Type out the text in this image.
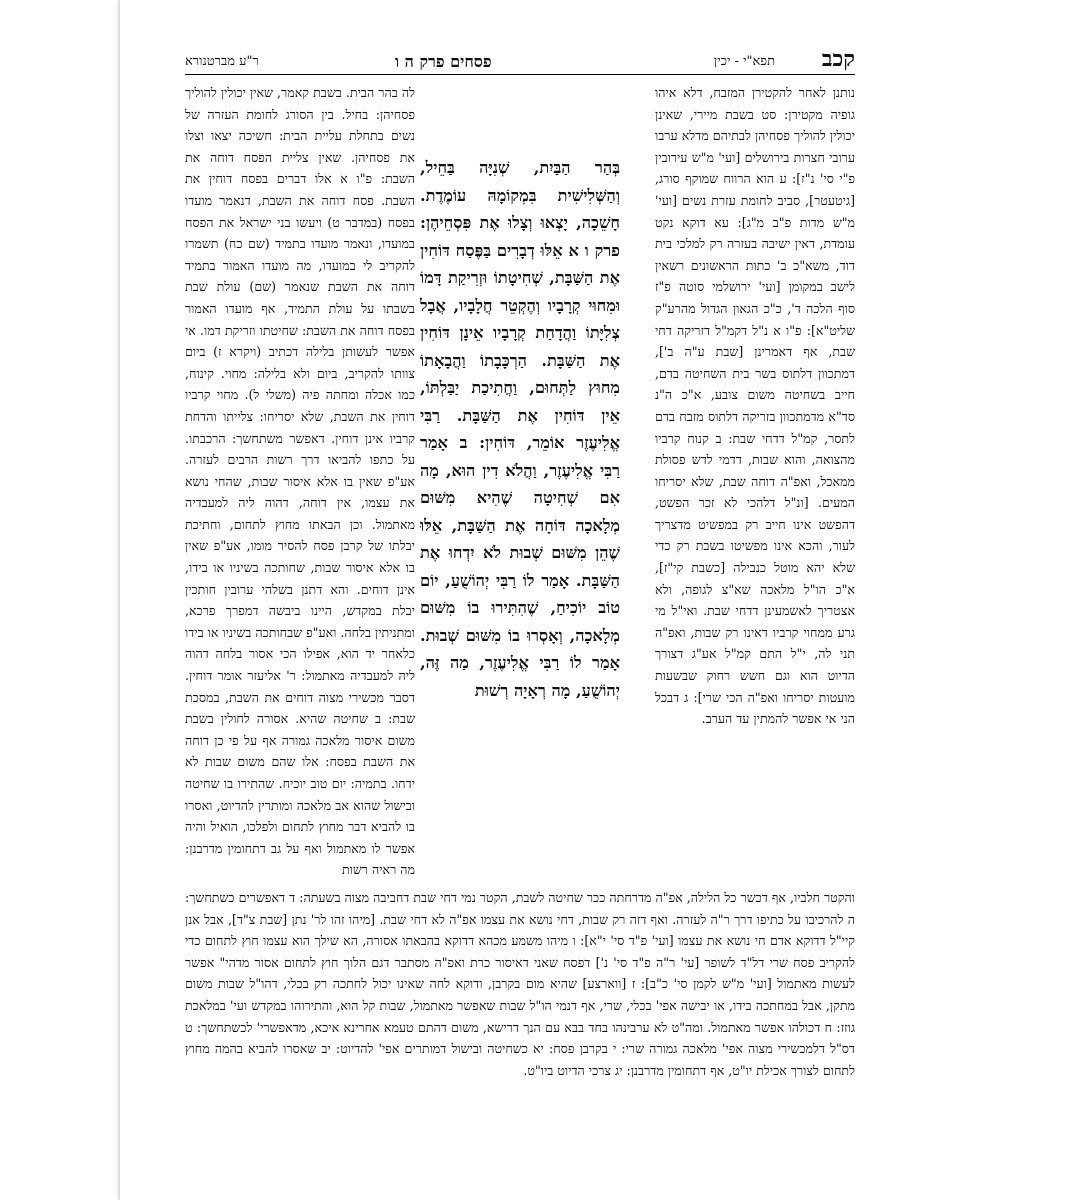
קכב
תפא"י - יכין
פסחים פרק ה ו
ר"ע מברטנורא

נותנן לאחר להקטירן המזבח, דלא איהו גופיה מקטירן: סט בשבת מיירי, שאינן יכולין להוליך פסחיהן לבתיהם מדלא ערבו ערובי חצרות בירושלים [ועי' מ"ש עירובין פ"י סי' נ"ז]: ע הוא הרווח שמוקף סורג, [גיטעטר], סביב לחומת עזרת נשים [ועי' מ"ש מדות פ"ב מ"ג]: עא דוקא נקט עומדת, דאין ישיבה בעזרה רק למלכי בית דוד, משא"כ ב' כתות הראשונים רשאין לישב במקומן [ועי' ירושלמי סוטה פ"ז סוף הלכה ד', כ"כ הגאון הגדול מהרע"ק שליט"א]: פ"ו א נ"ל דקמ"ל דזריקה דחי שבת, אף דאמרינן [שבת ע"ה ב'], דמתכוון דלתוס בשר בית השחיטה בדם, חייב בשחיטה משום צובע, א"כ ה"נ סד"א מדמתכוון בזריקה דלתוס מזבח בדם לתסר, קמ"ל דדחי שבת: ב קנוח קרביו מהצואה, והוא שבות, דדמי לדש פסולת ממאכל, ואפ"ה דוחה שבת, שלא יסריחו המעים. [ונ"ל דלהכי לא זכר הפשט, דהפשט אינו חייב רק במפשיט מדצריך לעור, והכא אינו מפשיטו בשבת רק כדי שלא יהא מוטל כנבילה [כשבת קי"ז], א"כ הו"ל מלאכה שא"צ לגופה, ולא אצטריך לאשמעינן דדחי שבת. ואי"ל מי גרע ממחוי קרביו דאינו רק שבות, ואפ"ה תני לה, י"ל התם קמ"ל אע"ג דצורך הדיוט הוא וגם חשש רחוק שבשעות מועטות יסריחו ואפ"ה הכי שרי]: ג דבכל הני אי אפשר להמתין עד הערב.

בְּהַר הַבַּיִת, שְׁנִיָּה בַּחֵיל, וְהַשְּׁלִישִׁית בִּמְקוֹמָהּ עוֹמֶדֶת. חָשֵׁכָה, יָצְאוּ וְצָלוּ אֶת פִּסְחֵיהֶן: פרק ו א אֵלּוּ דְבָרִים בַּפֶּסַח דּוֹחִין אֶת הַשַּׁבָּת, שְׁחִיטָתוֹ וּזְרִיקַת דָּמוֹ וּמִחוּי קְרָבָיו וְהֶקְטֵר חֲלָבָיו, אֲבָל צְלִיָּתוֹ וַהֲדָחַת קְרָבָיו אֵינָן דּוֹחִין אֶת הַשַּׁבָּת. הַרְכָּבָתוֹ וַהֲבָאָתוֹ מִחוּץ לַתְּחוּם, וַחֲתִיכַת יַבַּלְתּוֹ, אֵין דּוֹחִין אֶת הַשַּׁבָּת. רַבִּי אֱלִיעֶזֶר אוֹמֵר, דּוֹחִין: ב אָמַר רַבִּי אֱלִיעֶזֶר, וַהֲלֹא דִין הוּא, מָה אִם שְׁחִיטָה שֶׁהִיא מִשּׁוּם מְלָאכָה דּוֹחָה אֶת הַשַּׁבָּת, אֵלּוּ שֶׁהֵן מִשּׁוּם שְׁבוּת לֹא יִדְחוּ אֶת הַשַּׁבָּת. אָמַר לוֹ רַבִּי יְהוֹשֻׁעַ, יוֹם טוֹב יוֹכִיחַ, שֶׁהִתִּירוּ בוֹ מִשּׁוּם מְלָאכָה, וְאָסְרוּ בוֹ מִשּׁוּם שְׁבוּת. אָמַר לוֹ רַבִּי אֱלִיעֶזֶר, מַה זֶּה, יְהוֹשֻׁעַ, מָה רְאָיָה רְשׁוּת

לה בהר הבית. בשבת קאמר, שאין יכולין להוליך פסחיהן: בחיל. בין הסורג לחומת העזרה של נשים בתחלת עליית הבית: חשיכה יצאו וצלו את פסחיהן. שאין צליית הפסח דוחה את השבת: פ"ו א אלו דברים בפסח דוחין את השבת. פסח דוחה את השבת, דנאמר מועדו בפסח (במדבר ט) ויעשו בני ישראל את הפסח במועדו, ונאמר מועדו בתמיד (שם כח) תשמרו להקריב לי במועדו, מה מועדו האמור בתמיד דוחה את השבת שנאמר (שם) עולת שבת בשבתו על עולת התמיד, אף מועדו האמור בפסח דוחה את השבת: שחיטתו וזריקת דמו. אי אפשר לעשותן בלילה דכתיב (ויקרא ז) ביום צוותו להקריב, ביום ולא בלילה: מחוי. קינוח, כמו אכלה ומחתה פיה (משלי ל). מחוי קרביו דוחין את השבת, שלא יסריחו: צלייתו והדחת קרביו אינן דוחין. דאפשר משתחשך: הרכבתו. על כתפו להביאו דרך רשות הרבים לעזרה. אע"פ שאין בו אלא איסור שבות, שהחי נושא את עצמו, אין דוחה, דהוה ליה למעבדיה מאתמול. וכן הבאתו מחוץ לתחום, וחתיכת יבלתו של קרבן פסח להסיר מומו, אע"פ שאין בו אלא איסור שבות, שחותכה בשיניו או בידו, אינן דוחים. והא דתנן בשלהי ערובין חותכין יבלת במקדש, היינו ביבשה דמפרך פרכא, ומתניתין בלחה. ואע"פ שבחותכה בשיניו או בידו כלאחר יד הוא, אפילו הכי אסור בלחה דהוה ליה למעבדיה מאתמול: ר' אליעזר אומר דוחין. דסבר מכשירי מצוה דוחים את השבת, במסכת שבת: ב שחיטה שהיא. אסורה לחולין בשבת משום איסור מלאכה גמורה אף על פי כן דוחה את השבת בפסח: אלו שהם משום שבות לא ידחו. בתמיה: יום טוב יוכיח. שהתירו בו שחיטה ובישול שהוא אב מלאכה ומותרין להדיוט, ואסרו בו להביא דבר מחוץ לתחום ולפלכו, הואיל והיה אפשר לו מאתמול ואף על גב דתחומין מדרבנן: מה ראיה רשות

והקטר חלביו, אף דכשר כל הלילה, אפ"ה מדרחתה ככר שחיטה לשבת, הקטר נמי דחי שבת דחביבה מצוה בשעתה: ד דאפשרים כשתחשך: ה להרכיבו על כתיפו דרך ר"ה לעזרה. ואף דזה רק שבות, דחי נושא את עצמו אפ"ה לא דחי שבת. [מיהו זהו לר' נתן [שבת צ"ד], אבל אנן קיי"ל דדוקא אדם חי נושא את עצמו [ועי' פ"ד סי' י"א]: ו מיהו משמע מכהא דדוקא בהבאתו אסורה, הא שילך הוא עצמו חוץ לתחום כדי להקריב פסח שרי דל"ד לשופר [עי' ר"ה פ"ד סי' נ'] דפסח שאני דאיסור כרת ואפ"ה מסתבר דגם הלוך חוץ לתחום אסור מדהי" אפשר לעשות מאתמול [ועי' מ"ש לקמן סי' כ"ב]: ז [ווארצע] שהיא מום בקרבן, ודוקא לחה שאינו יכול לחתכה רק בכלי, דהו"ל שבות משום מתקן, אבל במחתכה בידו, או יבישה אפי' בכלי, שרי, אף דנמי הו"ל שבות שאפשר מאתמול, שבות קל הוא, והתירוהו במקדש ועי' במלאכת גוזז: ח דכולהו אפשר מאתמול. ומה"ט לא ערבינהו בחד בבא עם הנך דרישא, משום דהתם טעמא אחרינא איכא, מדאפשרי' לכשתחשך: ט דס"ל דלמכשירי מצוה אפי' מלאכה גמורה שרי: י בקרבן פסח: יא כשחיטה ובישול דמותרים אפי' להדיוט: יב שאסרו להביא בהמה מחוץ לתחום לצורך אכילת יו"ט, אף דתחומין מדרבנן: יג צרכי הדיוט ביו"ט.
